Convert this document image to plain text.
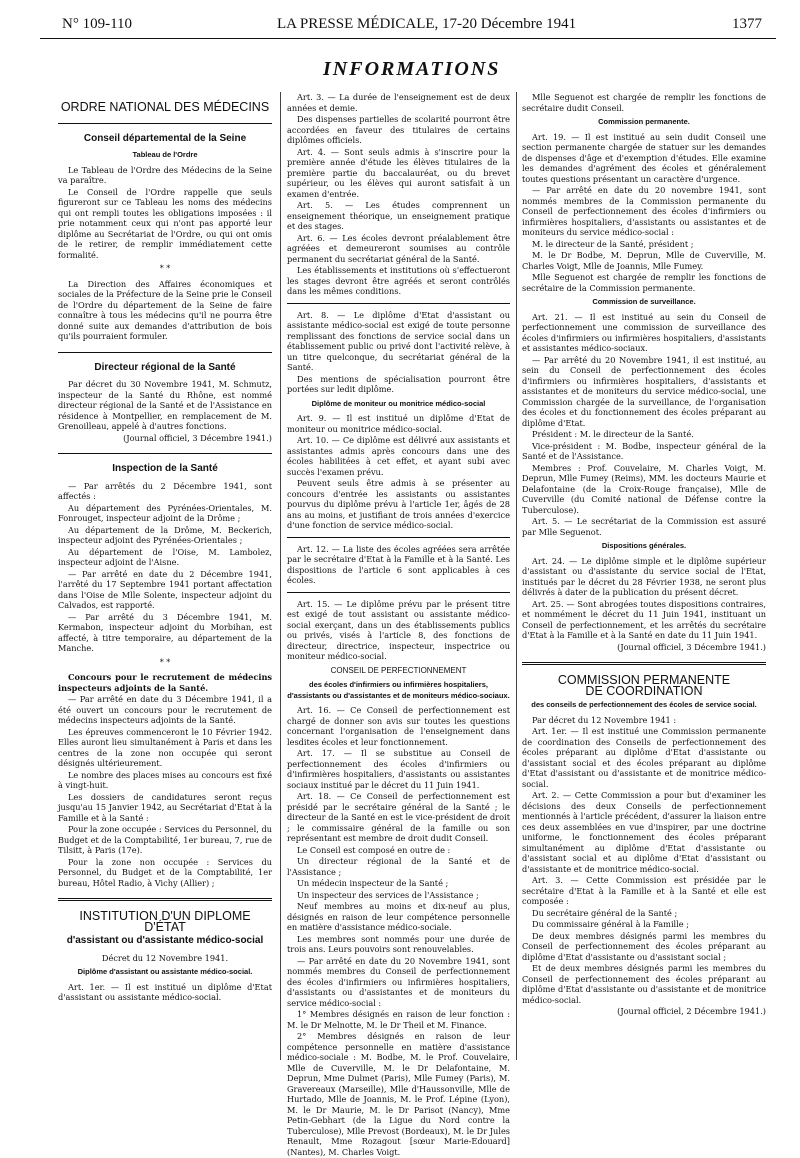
N° 109-110	LA PRESSE MÉDICALE, 17-20 Décembre 1941	1377
INFORMATIONS
ORDRE NATIONAL DES MÉDECINS
Conseil départemental de la Seine
Tableau de l'Ordre

Le Tableau de l'Ordre des Médecins de la Seine va paraître.

Le Conseil de l'Ordre rappelle que seuls figureront sur ce Tableau les noms des médecins qui ont rempli toutes les obligations imposées : il prie notamment ceux qui n'ont pas apporté leur diplôme au Secrétariat de l'Ordre, ou qui ont omis de le retirer, de remplir immédiatement cette formalité.

* *

La Direction des Affaires économiques et sociales de la Préfecture de la Seine prie le Conseil de l'Ordre du département de la Seine de faire connaître à tous les médecins qu'il ne pourra être donné suite aux demandes d'attribution de bois qu'ils pourraient formuler.

Directeur régional de la Santé

Par décret du 30 Novembre 1941, M. Schmutz, inspecteur de la Santé du Rhône, est nommé directeur régional de la Santé et de l'Assistance en résidence à Montpellier, en remplacement de M. Grenoilleau, appelé à d'autres fonctions.

(Journal officiel, 3 Décembre 1941.)

Inspection de la Santé

— Par arrêtés du 2 Décembre 1941, sont affectés :

Au département des Pyrénées-Orientales, M. Fonrouget, inspecteur adjoint de la Drôme ;

Au département de la Drôme, M. Beckerich, inspecteur adjoint des Pyrénées-Orientales ;

Au département de l'Oise, M. Lambolez, inspecteur adjoint de l'Aisne.

— Par arrêté en date du 2 Décembre 1941, l'arrêté du 17 Septembre 1941 portant affectation dans l'Oise de Mlle Solente, inspecteur adjoint du Calvados, est rapporté.

— Par arrêté du 3 Décembre 1941, M. Kermabon, inspecteur adjoint du Morbihan, est affecté, à titre temporaire, au département de la Manche.

* *

Concours pour le recrutement de médecins inspecteurs adjoints de la Santé.

— Par arrêté en date du 3 Décembre 1941, il a été ouvert un concours pour le recrutement de médecins inspecteurs adjoints de la Santé.

Les épreuves commenceront le 10 Février 1942. Elles auront lieu simultanément à Paris et dans les centres de la zone non occupée qui seront désignés ultérieurement.

Le nombre des places mises au concours est fixé à vingt-huit.

Les dossiers de candidatures seront reçus jusqu'au 15 Janvier 1942, au Secrétariat d'Etat à la Famille et à la Santé :

Pour la zone occupée : Services du Personnel, du Budget et de la Comptabilité, 1er bureau, 7, rue de Tilsitt, à Paris (17e).

Pour la zone non occupée : Services du Personnel, du Budget et de la Comptabilité, 1er bureau, Hôtel Radio, à Vichy (Allier) ;

INSTITUTION D'UN DIPLOME D'ÉTAT
d'assistant ou d'assistante médico-social

Décret du 12 Novembre 1941.

Diplôme d'assistant ou assistante médico-social.

Art. 1er. — Il est institué un diplôme d'Etat d'assistant ou assistante médico-social.

Art. 3. — La durée de l'enseignement est de deux années et demie.

Des dispenses partielles de scolarité pourront être accordées en faveur des titulaires de certains diplômes officiels.

Art. 4. — Sont seuls admis à s'inscrire pour la première année d'étude les élèves titulaires de la première partie du baccalauréat, ou du brevet supérieur, ou les élèves qui auront satisfait à un examen d'entrée.

Art. 5. — Les études comprennent un enseignement théorique, un enseignement pratique et des stages.

Art. 6. — Les écoles devront préalablement être agréées et demeureront soumises au contrôle permanent du secrétariat général de la Santé.

Les établissements et institutions où s'effectueront les stages devront être agréés et seront contrôlés dans les mêmes conditions.

Art. 8. — Le diplôme d'Etat d'assistant ou assistante médico-social est exigé de toute personne remplissant des fonctions de service social dans un établissement public ou privé dont l'activité relève, à un titre quelconque, du secrétariat général de la Santé.

Des mentions de spécialisation pourront être portées sur ledit diplôme.

Diplôme de moniteur ou monitrice médico-social

Art. 9. — Il est institué un diplôme d'Etat de moniteur ou monitrice médico-social.

Art. 10. — Ce diplôme est délivré aux assistants et assistantes admis après concours dans une des écoles habilitées à cet effet, et ayant subi avec succès l'examen prévu.

Peuvent seuls être admis à se présenter au concours d'entrée les assistants ou assistantes pourvus du diplôme prévu à l'article 1er, âgés de 28 ans au moins, et justifiant de trois années d'exercice d'une fonction de service médico-social.

Art. 12. — La liste des écoles agréées sera arrêtée par le secrétaire d'Etat à la Famille et à la Santé. Les dispositions de l'article 6 sont applicables à ces écoles.

Art. 15. — Le diplôme prévu par le présent titre est exigé de tout assistant ou assistante médico-social exerçant, dans un des établissements publics ou privés, visés à l'article 8, des fonctions de directeur, directrice, inspecteur, inspectrice ou moniteur médico-social.

CONSEIL DE PERFECTIONNEMENT
des écoles d'infirmiers ou infirmières hospitaliers, d'assistants ou d'assistantes et de moniteurs médico-sociaux.

Art. 16. — Ce Conseil de perfectionnement est chargé de donner son avis sur toutes les questions concernant l'organisation de l'enseignement dans lesdites écoles et leur fonctionnement.

Art. 17. — Il se substitue au Conseil de perfectionnement des écoles d'infirmiers ou d'infirmières hospitaliers, d'assistants ou assistantes sociaux institué par le décret du 11 Juin 1941.

Art. 18. — Ce Conseil de perfectionnement est présidé par le secrétaire général de la Santé ; le directeur de la Santé en est le vice-président de droit ; le commissaire général de la famille ou son représentant est membre de droit dudit Conseil.

Le Conseil est composé en outre de :

Un directeur régional de la Santé et de l'Assistance ;

Un médecin inspecteur de la Santé ;

Un inspecteur des services de l'Assistance ;

Neuf membres au moins et dix-neuf au plus, désignés en raison de leur compétence personnelle en matière d'assistance médico-sociale.

Les membres sont nommés pour une durée de trois ans. Leurs pouvoirs sont renouvelables.

— Par arrêté en date du 20 Novembre 1941, sont nommés membres du Conseil de perfectionnement des écoles d'infirmiers ou infirmières hospitaliers, d'assistants ou d'assistantes et de moniteurs du service médico-social :

1° Membres désignés en raison de leur fonction : M. le Dr Melnotte, M. le Dr Theil et M. Finance.

2° Membres désignés en raison de leur compétence personnelle en matière d'assistance médico-sociale : M. Bodbe, M. le Prof. Couvelaire, Mlle de Cuverville, M. le Dr Delafontaine, M. Deprun, Mme Dulmet (Paris), Mlle Fumey (Paris), M. Gravereaux (Marseille), Mlle d'Haussonville, Mlle de Hurtado, Mlle de Joannis, M. le Prof. Lépine (Lyon), M. le Dr Maurie, M. le Dr Parisot (Nancy), Mme Petin-Gebhart (de la Ligue du Nord contre la Tuberculose), Mlle Prevost (Bordeaux), M. le Dr Jules Renault, Mme Rozagout [sœur Marie-Edouard] (Nantes), M. Charles Voigt.

Mlle Seguenot est chargée de remplir les fonctions de secrétaire dudit Conseil.

Commission permanente.

Art. 19. — Il est institué au sein dudit Conseil une section permanente chargée de statuer sur les demandes de dispenses d'âge et d'exemption d'études. Elle examine les demandes d'agrément des écoles et généralement toutes questions présentant un caractère d'urgence.

— Par arrêté en date du 20 novembre 1941, sont nommés membres de la Commission permanente du Conseil de perfectionnement des écoles d'infirmiers ou infirmières hospitaliers, d'assistants ou assistantes et de moniteurs du service médico-social :

M. le directeur de la Santé, président ;

M. le Dr Bodbe, M. Deprun, Mlle de Cuverville, M. Charles Voigt, Mlle de Joannis, Mlle Fumey.

Mlle Seguenot est chargée de remplir les fonctions de secrétaire de la Commission permanente.

Commission de surveillance.

Art. 21. — Il est institué au sein du Conseil de perfectionnement une commission de surveillance des écoles d'infirmiers ou infirmières hospitaliers, d'assistants et assistantes médico-sociaux.

— Par arrêté du 20 Novembre 1941, il est institué, au sein du Conseil de perfectionnement des écoles d'infirmiers ou infirmières hospitaliers, d'assistants et assistantes et de moniteurs du service médico-social, une Commission chargée de la surveillance, de l'organisation des écoles et du fonctionnement des écoles préparant au diplôme d'Etat.

Président : M. le directeur de la Santé.

Vice-président : M. Bodbe, inspecteur général de la Santé et de l'Assistance.

Membres : Prof. Couvelaire, M. Charles Voigt, M. Deprun, Mlle Fumey (Reims), MM. les docteurs Maurie et Delafontaine (de la Croix-Rouge française), Mlle de Cuverville (du Comité national de Défense contre la Tuberculose).

Art. 5. — Le secrétariat de la Commission est assuré par Mlle Seguenot.

Dispositions générales.

Art. 24. — Le diplôme simple et le diplôme supérieur d'assistant ou d'assistante du service social de l'Etat, institués par le décret du 28 Février 1938, ne seront plus délivrés à dater de la publication du présent décret.

Art. 25. — Sont abrogées toutes dispositions contraires, et nommément le décret du 11 Juin 1941, instituant un Conseil de perfectionnement, et les arrêtés du secrétaire d'Etat à la Famille et à la Santé en date du 11 Juin 1941.

(Journal officiel, 3 Décembre 1941.)

COMMISSION PERMANENTE
DE COORDINATION
des conseils de perfectionnement des écoles de service social.

Par décret du 12 Novembre 1941 :

Art. 1er. — Il est institué une Commission permanente de coordination des Conseils de perfectionnement des écoles préparant au diplôme d'Etat d'assistante ou d'assistant social et des écoles préparant au diplôme d'Etat d'assistant ou d'assistante et de monitrice médico-social.

Art. 2. — Cette Commission a pour but d'examiner les décisions des deux Conseils de perfectionnement mentionnés à l'article précédent, d'assurer la liaison entre ces deux assemblées en vue d'inspirer, par une doctrine uniforme, le fonctionnement des écoles préparant simultanément au diplôme d'Etat d'assistante ou d'assistant social et au diplôme d'Etat d'assistant ou d'assistante et de monitrice médico-social.

Art. 3. — Cette Commission est présidée par le secrétaire d'Etat à la Famille et à la Santé et elle est composée :

Du secrétaire général de la Santé ;

Du commissaire général à la Famille ;

De deux membres désignés parmi les membres du Conseil de perfectionnement des écoles préparant au diplôme d'Etat d'assistante ou d'assistant social ;

Et de deux membres désignés parmi les membres du Conseil de perfectionnement des écoles préparant au diplôme d'Etat d'assistante ou d'assistante et de monitrice médico-social.

(Journal officiel, 2 Décembre 1941.)
